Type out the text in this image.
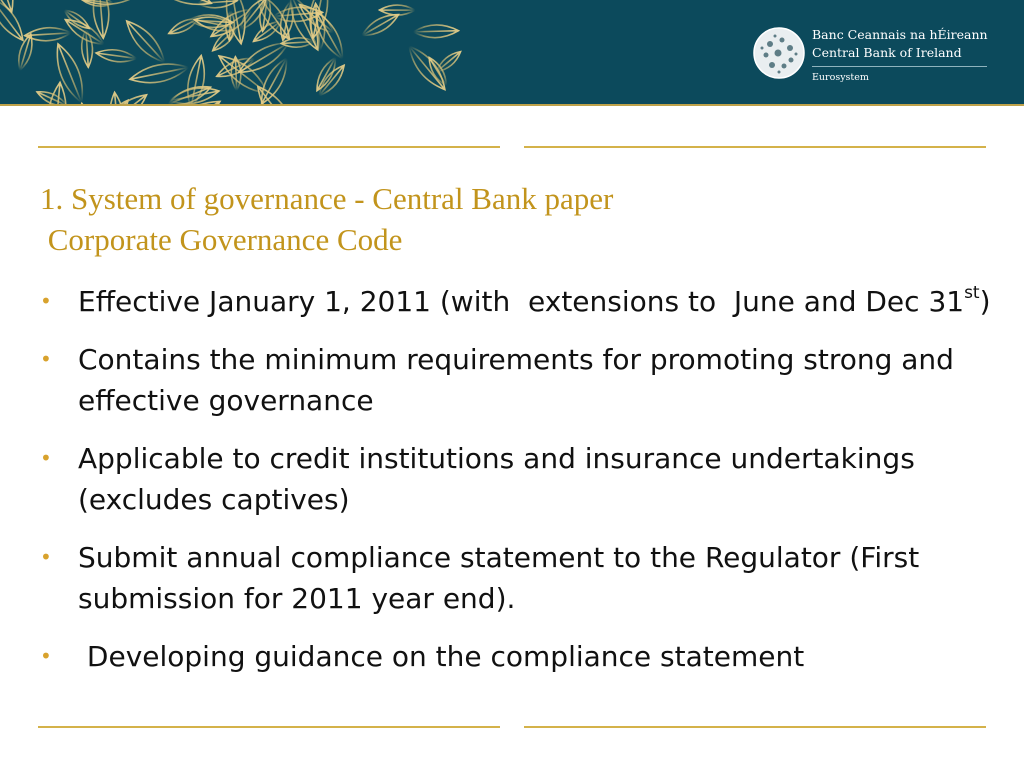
Banc Ceannais na hÉireann
Central Bank of Ireland
Eurosystem
1. System of governance - Central Bank paper
Corporate Governance Code
• Effective January 1, 2011 (with  extensions to  June and Dec 31st)
• Contains the minimum requirements for promoting strong and effective governance
• Applicable to credit institutions and insurance undertakings (excludes captives)
• Submit annual compliance statement to the Regulator (First submission for 2011 year end).
• Developing guidance on the compliance statement
